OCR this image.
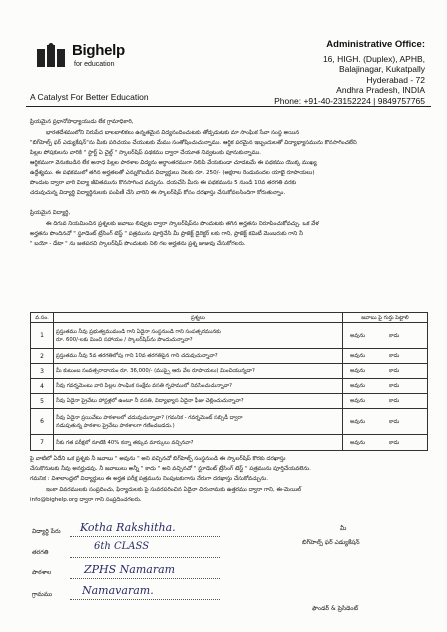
Bighelp
for education
A Catalyst For Better Education
Administrative Office:
16, HIGH. (Duplex), APHB,
Balajinagar, Kukatpally
Hyderabad - 72
Andhra Pradesh, INDIA
Phone: +91-40-23152224 | 9849757765
ప్రియమైన ప్రధానోపాధ్యాయుడు లేక గ్రామాధికారి,
భారతదేశములోని నిరుపేద బాలబాలికలు ఉన్నతమైన విద్యనందించుటకు తోడ్పడుటకు మా సాంఘిక సేవా సంస్థ అయిన
"బిగ్‌హెల్ప్ ఫర్ ఎడ్యుకేషన్"ను మీకు పరిచయం చేయుటకు మేము సంతోషించుచున్నాము. ఆర్థిక పరమైన ఇబ్బందులతో విద్యాభ్యాసమును కొనసాగించలేని
పిల్లల పోషకులను వారికి " స్టార్ట్ ఏ చైల్డ్ " స్కాలర్‌షిప్ పథకము ద్వారా చేయూత నివ్వటంకు పూనుకున్నాము.
ఆర్థికముగా వెనుకబడిన లేక అనాధ పిల్లల పాఠశాల విద్యను అర్థాంతరముగా నిలిపి వేయకుండా చూడటమే ఈ పథకము యొక్క ముఖ్య
ఉద్దేశ్యము. ఈ పథకములో తగిన అర్హతలతో ఎన్నుకొబడిన విద్యార్థులు నెలకు రూ. 250/- (అక్షరాల రెండువందల యాభై రూపాయలు)
పొందుట ద్వారా వారి విద్యా జీవితమును కొనసాగించ వచ్చును. దయచేసి మీరు ఈ పథకమును 5 నుండి 10వ తరగతి వరకు
చదువుచున్న విద్యార్థి విద్యార్థినులకు పంపిణీ చేసి వారిని ఈ స్కాలర్‌షిప్ కోసం దరఖాస్తు చేసుకోవలసిందిగా కోరుతున్నాం.
ప్రియమైన విద్యార్థి,
ఈ దిగువ నియమించిన ప్రశ్నలకు జవాబు లివ్వుట ద్వారా స్కాలర్‌షిప్‌ను పొందుటకు తగిన అర్హతను నిరూపించుకోవచ్చు. ఒక వేళ
అర్హతను పొందినచో " స్టూడెంట్ ట్రేసింగ్ టెస్ట్ " పత్రమును పూర్తిచేసి మీ ప్రాజెక్ట్ డైరెక్టర్ లకు గాని, ప్రాజెక్ట్ కమిటీ మెంబరుకు గాని నీ
" బయో - డేటా " ను జతపరచి స్కాలర్‌షిప్ పొందుటకు నిలి గల అర్హతను ప్రశ్న జుజువు చేసుకోగలరు.
వ.సం.	ప్రశ్నలు	జవాబు పై గుర్తు పెట్టాలి
1	ప్రస్తుతము నీవు ప్రభుత్వముమండి గాని ఏదైనా సంస్థనుండి గాని సంపత్సరమునకు
రూ. 600/-లకు మించి సహాయం / స్కాలర్‌షిప్‌ను పొందుచున్నావా?	అవును కాదు
2	ప్రస్తుతము నీవు 5వ తరగతిలోపు గాని 10వ తరగతిపైన గాని చదువుచున్నావా?	అవును కాదు
3	మీ కుటుంబ సంవత్సరాదాయం రూ. 36,000/- (ముప్పై ఆరు వేల రూపాయలు) మించియున్నదా?	అవును కాదు
4	నీవు గవర్నమెంటు వారి పిల్లల సాంఘిక సంక్షేమ వసతి గృహములో నివసించుచున్నావా?	అవును కాదు
5	నీవు ఏదైనా ప్రైవేటు హాస్టళ్లలో ఉంటూ నీ వసతి, విద్యాభ్యాస ఏదైనా ఫీజు చెల్లించుచున్నావా?	అవును కాదు
6	నీవు ఏదైనా ప్రయివేటు పాఠశాలలో చదువుచున్నావా? (గమనిక - గవర్నమెంట్ సబ్సిడీ ద్వారా
నడుపుతున్న పాఠశాల ప్రైవేటు పాఠశాలగా గణించబడదు.)	అవును కాదు
7	నీకు గత పరీక్షలో నూటికి 40% కన్నా తక్కువ మార్కులు వచ్చినవా?	అవును కాదు
పై వాటిలో ఏదేని ఒక ప్రశ్నకు నీ జవాబు " అవును " అని వచ్చినచో బిగ్‌హెల్ప్ సంస్థనుండి ఈ స్కాలర్‌షిప్ కొరకు దరఖాస్తు
చేసుకొనుటకు నీవు అనర్హుడవు. నీ జవాబులు అన్నీ " కాదు " అని వచ్చినచో " స్టూడెంట్ ట్రేసింగ్ టెస్ట్ " పత్రమును పూర్తిచేయవలెను.
గమనిక : విశాలాంధ్రలో విద్యార్థులు ఈ అర్హత పరీక్ష పత్రమును నింపుటకుగాను నేరుగా దరఖాస్తు చేసుకోవచ్చును.
ఇంకా వివరములకు సంప్రదించు, ఫిర్యాదులకు పై సువరపరించిన ఏదైనా చిరునామకు ఉత్తరము ద్వారా గాని, ఈ-మెయిల్
info@bighelp.org ద్వారా గాని సంప్రదించగలరు.
విద్యార్థి పేరు Kotha Rakshitha.
తరగతి
6th CLASS
పాఠశాల	ZPHS Namaram
గ్రామము	Namavaram.
మీ
బిగ్‌హెల్ప్ ఫర్ ఎడ్యుకేషన్
ఫౌండర్ & ప్రెసిడెంట్
